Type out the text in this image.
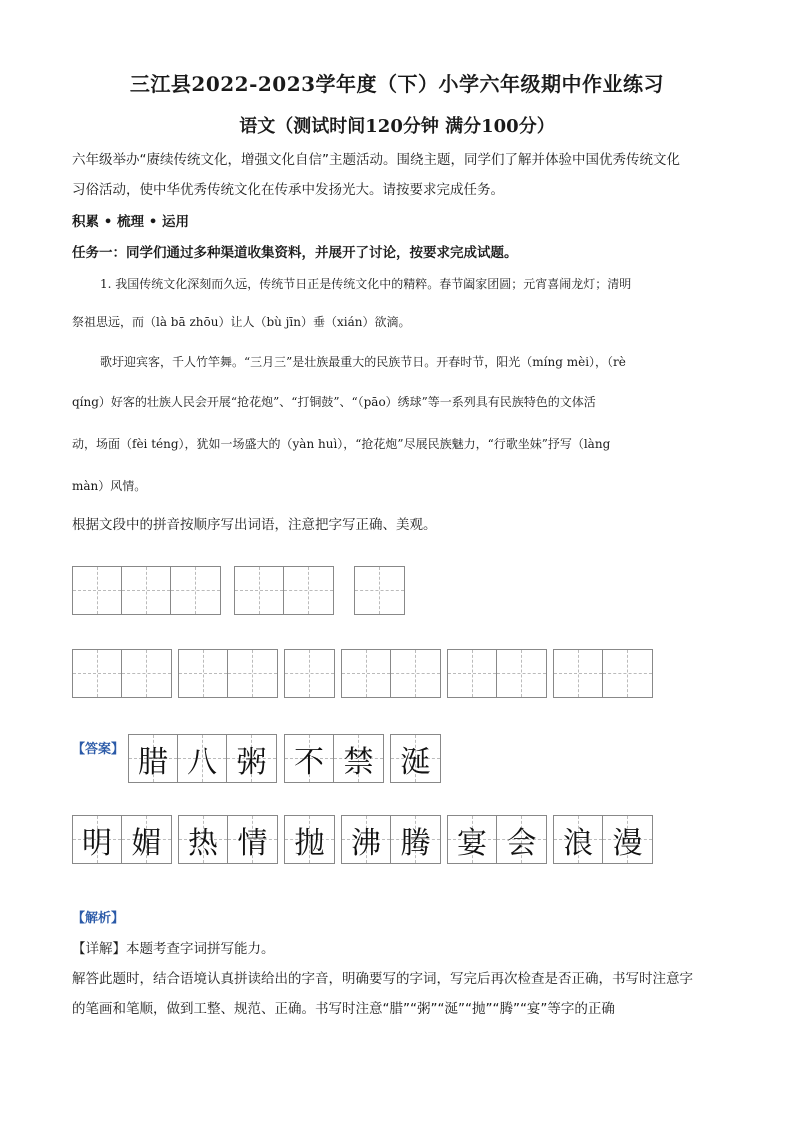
三江县2022-2023学年度（下）小学六年级期中作业练习
语文（测试时间120分钟 满分100分）
六年级举办“赓续传统文化，增强文化自信”主题活动。围绕主题，同学们了解并体验中国优秀传统文化
习俗活动，使中华优秀传统文化在传承中发扬光大。请按要求完成任务。
积累 • 梳理 • 运用
任务一：同学们通过多种渠道收集资料，并展开了讨论，按要求完成试题。
1. 我国传统文化深刻而久远，传统节日正是传统文化中的精粹。春节阖家团圆；元宵喜闹龙灯；清明
祭祖思远，而（là bā zhōu）让人（bù jīn）垂（xián）欲滴。
歌圩迎宾客，千人竹竿舞。“三月三”是壮族最重大的民族节日。开春时节，阳光（míng mèi），（rè
qíng）好客的壮族人民会开展“抢花炮”、“打铜鼓”、“（pāo）绣球”等一系列具有民族特色的文体活
动，场面（fèi téng），犹如一场盛大的（yàn huì），“抢花炮”尽展民族魅力，“行歌坐妹”抒写（làng
màn）风情。
根据文段中的拼音按顺序写出词语，注意把字写正确、美观。
【答案】 腊 八 粥 不 禁 涎
明 媚 热 情 抛 沸 腾 宴 会 浪 漫
【解析】
【详解】本题考查字词拼写能力。
解答此题时，结合语境认真拼读给出的字音，明确要写的字词，写完后再次检查是否正确，书写时注意字
的笔画和笔顺，做到工整、规范、正确。书写时注意“腊”“粥”“涎”“抛”“腾”“宴”等字的正确
